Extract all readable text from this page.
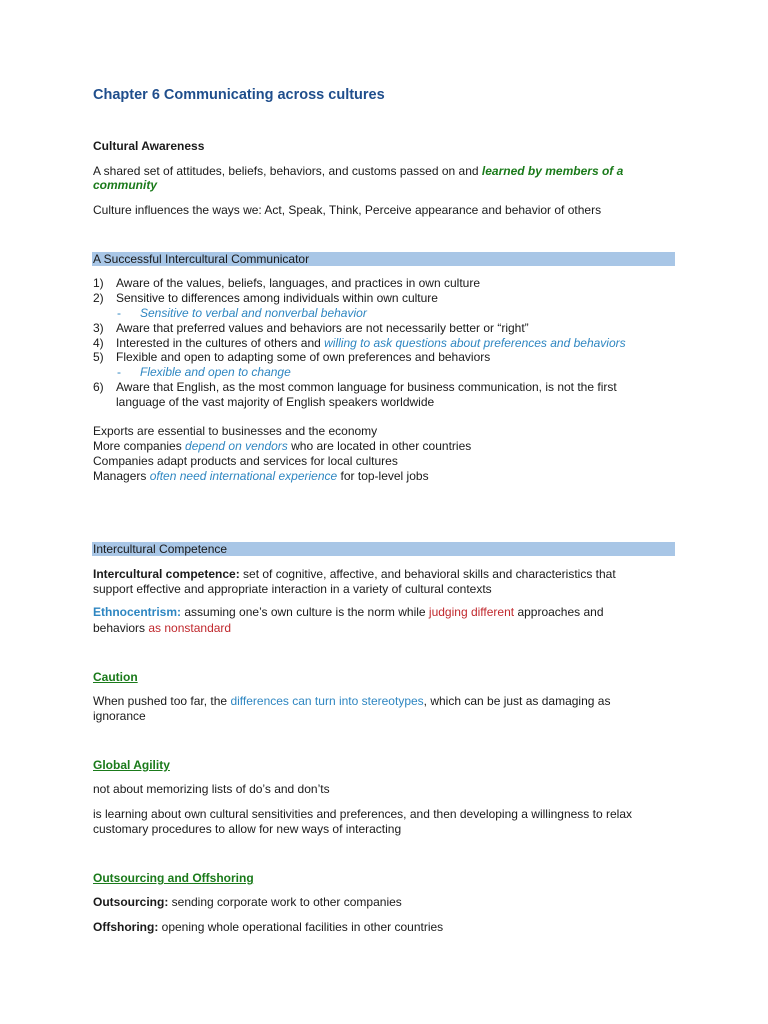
Chapter 6 Communicating across cultures
Cultural Awareness
A shared set of attitudes, beliefs, behaviors, and customs passed on and learned by members of a
community
Culture influences the ways we: Act, Speak, Think, Perceive appearance and behavior of others
A Successful Intercultural Communicator
1) Aware of the values, beliefs, languages, and practices in own culture
2) Sensitive to differences among individuals within own culture
- Sensitive to verbal and nonverbal behavior
3) Aware that preferred values and behaviors are not necessarily better or “right”
4) Interested in the cultures of others and willing to ask questions about preferences and behaviors
5) Flexible and open to adapting some of own preferences and behaviors
- Flexible and open to change
6) Aware that English, as the most common language for business communication, is not the first
language of the vast majority of English speakers worldwide
Exports are essential to businesses and the economy
More companies depend on vendors who are located in other countries
Companies adapt products and services for local cultures
Managers often need international experience for top-level jobs
Intercultural Competence
Intercultural competence: set of cognitive, affective, and behavioral skills and characteristics that
support effective and appropriate interaction in a variety of cultural contexts
Ethnocentrism: assuming one’s own culture is the norm while judging different approaches and
behaviors as nonstandard
Caution
When pushed too far, the differences can turn into stereotypes, which can be just as damaging as
ignorance
Global Agility
not about memorizing lists of do’s and don’ts
is learning about own cultural sensitivities and preferences, and then developing a willingness to relax
customary procedures to allow for new ways of interacting
Outsourcing and Offshoring
Outsourcing: sending corporate work to other companies
Offshoring: opening whole operational facilities in other countries
